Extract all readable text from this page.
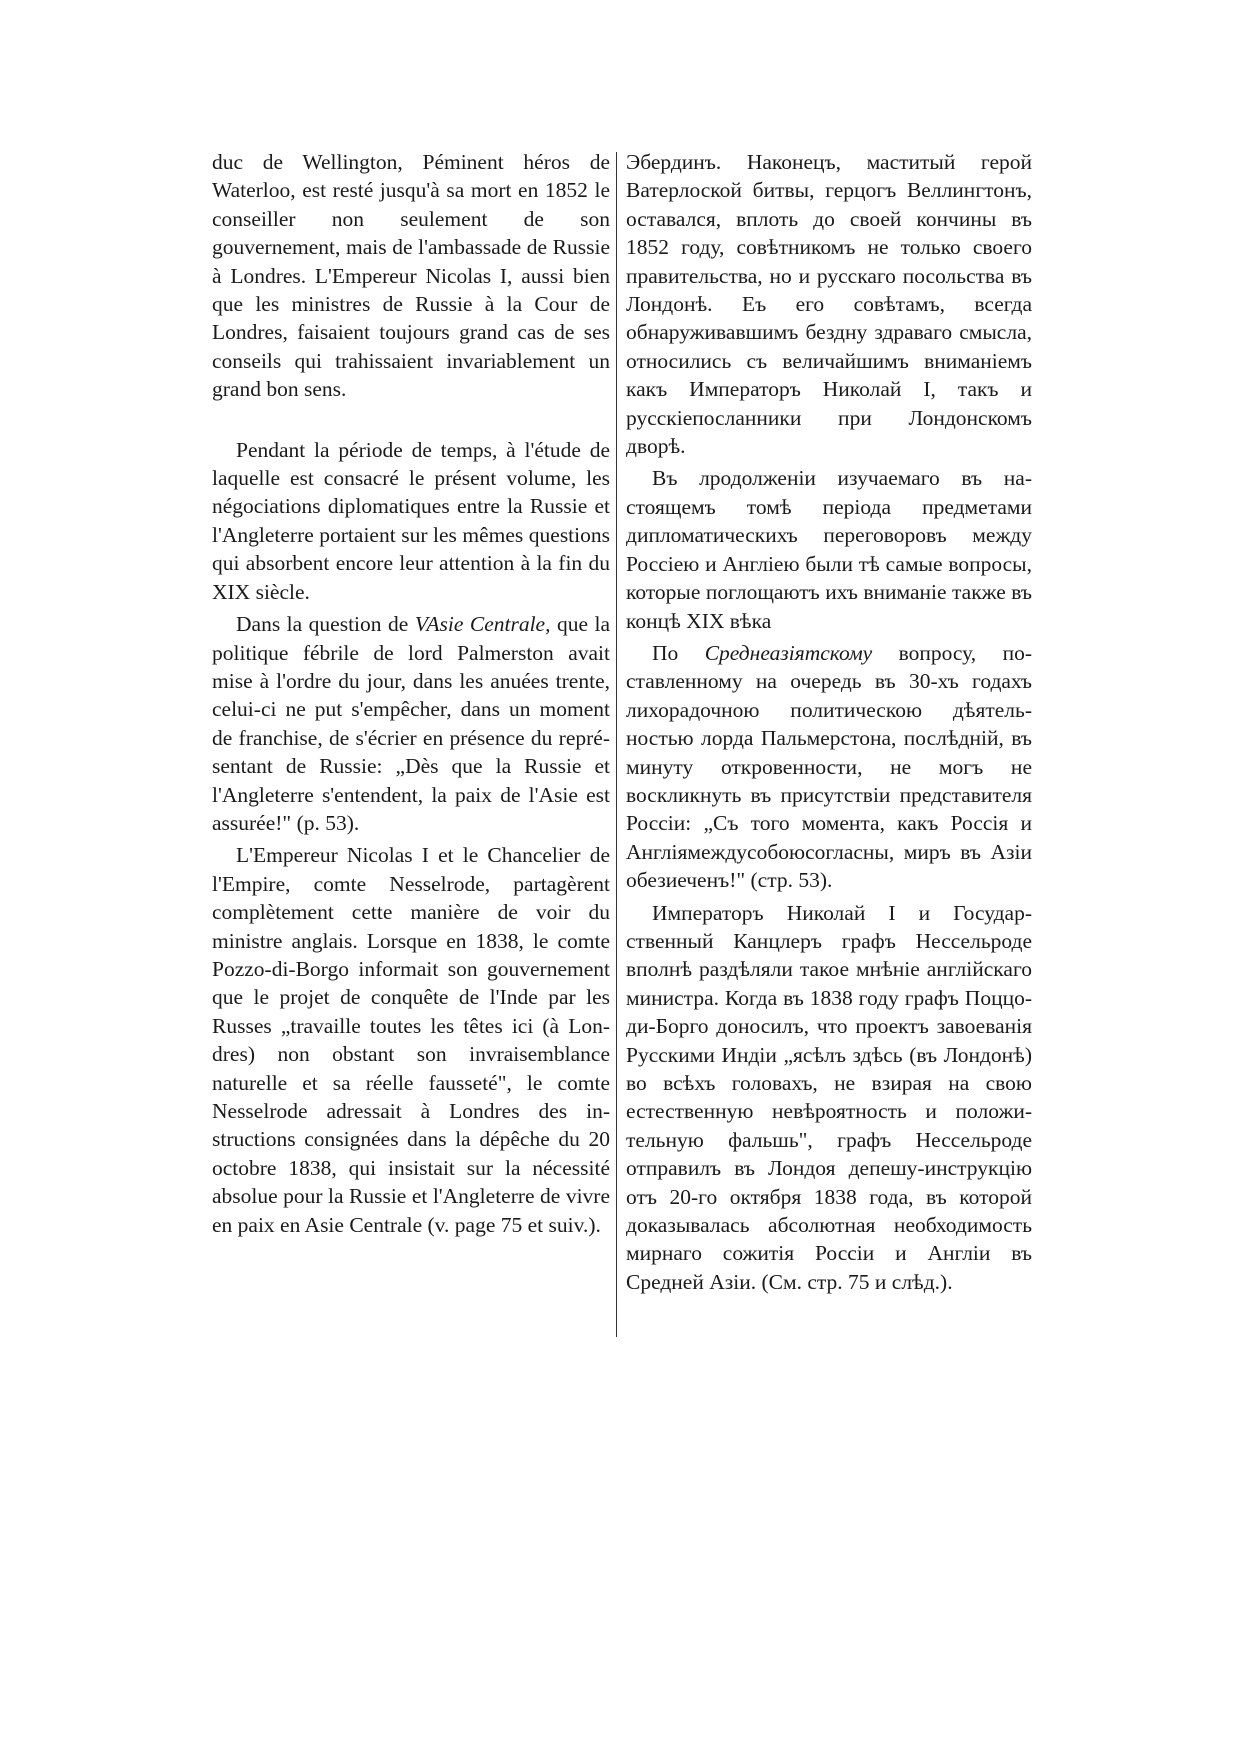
duc de Wellington, Péminent héros de Waterloo, est resté jusqu'à sa mort en 1852 le conseiller non seulement de son gouvernement, mais de l'ambassade de Russie à Londres. L'Empereur Nicolas I, aussi bien que les ministres de Russie à la Cour de Londres, faisaient toujours grand cas de ses conseils qui trahissaient invariablement un grand bon sens.

Pendant la période de temps, à l'étude de laquelle est consacré le présent volume, les négociations diplomatiques entre la Russie et l'Angleterre portaient sur les mêmes questions qui absorbent encore leur attention à la fin du XIX siècle.

Dans la question de VAsie Centrale, que la politique fébrile de lord Palmerston avait mise à l'ordre du jour, dans les anuées trente, celui-ci ne put s'empêcher, dans un moment de franchise, de s'écrier en présence du représentant de Russie: „Dès que la Russie et l'Angleterre s'entendent, la paix de l'Asie est assurée!" (p. 53).

L'Empereur Nicolas I et le Chancelier de l'Empire, comte Nesselrode, partagèrent complètement cette manière de voir du ministre anglais. Lorsque en 1838, le comte Pozzo-di-Borgo informait son gouvernement que le projet de conquête de l'Inde par les Russes „travaille toutes les têtes ici (à Londres) non obstant son invraisemblance naturelle et sa réelle fausseté", le comte Nesselrode adressait à Londres des instructions consignées dans la dépêche du 20 octobre 1838, qui insistait sur la nécessité absolue pour la Russie et l'Angleterre de vivre en paix en Asie Centrale (v. page 75 et suiv.).

Эбердинъ. Наконецъ, маститый герой Ватерлоской битвы, герцогъ Веллингтонъ, оставался, вплоть до своей кончины въ 1852 году, совѣтникомъ не только своего правительства, но и русскаго посольства въ Лондонѣ. Еъ его совѣтамъ, всегда обнаруживавшимъ бездну здраваго смысла, относились съ величайшимъ вниманіемъ какъ Императоръ Николай I, такъ и русскіепосланники при Лондонскомъ дворѣ.

Въ лродолженіи изучаемаго въ настоящемъ томѣ періода предметами дипломатическихъ переговоровъ между Россіею и Англіею были тѣ самые вопросы, которые поглощаютъ ихъ вниманіе также въ концѣ XIX вѣка

По Среднеазіятскому вопросу, поставленному на очередь въ 30-хъ годахъ лихорадочною политическою дѣятельностью лорда Пальмерстона, послѣдній, въ минуту откровенности, не могъ не воскликнуть въ присутствіи представителя Россіи: „Съ того момента, какъ Россія и Англіямеждусобоюсогласны, миръ въ Азіи обезиеченъ!" (стр. 53).

Императоръ Николай I и Государственный Канцлеръ графъ Нессельроде вполнѣ раздѣляли такое мнѣніе англійскаго министра. Когда въ 1838 году графъ Поццо-ди-Борго доносилъ, что проектъ завоеванія Русскими Индіи „ясѣлъ здѣсь (въ Лондонѣ) во всѣхъ головахъ, не взирая на свою естественную невѣроятность и положительную фальшь", графъ Нессельроде отправилъ въ Лондоя депешу-инструкцію отъ 20-го октября 1838 года, въ которой доказывалась абсолютная необходимость мирнаго сожитія Россіи и Англіи въ Средней Азіи. (См. стр. 75 и слѣд.).
